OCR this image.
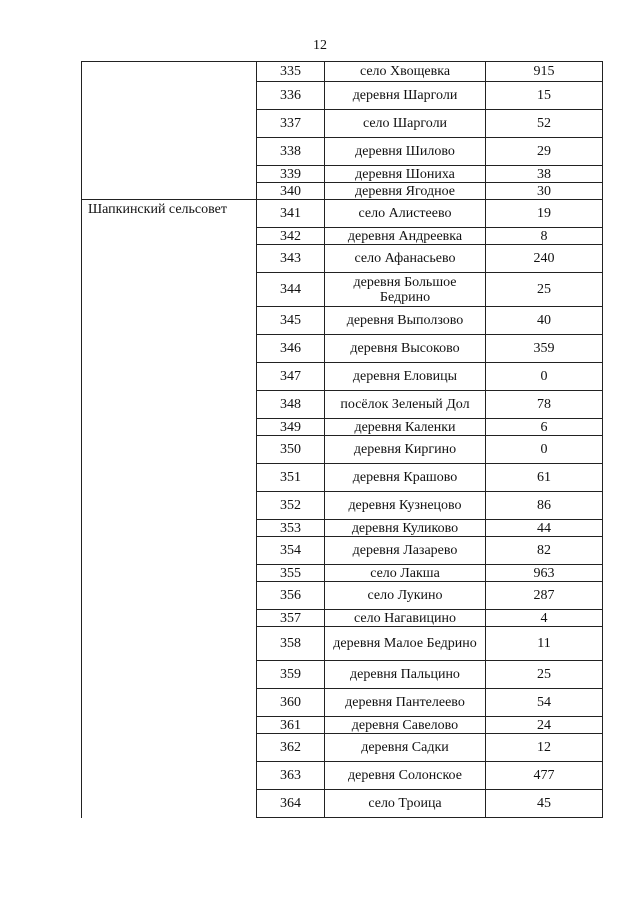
12
	335	село Хвощевка	915
	336	деревня Шарголи	15
	337	село Шарголи	52
	338	деревня Шилово	29
	339	деревня Шониха	38
	340	деревня Ягодное	30
Шапкинский сельсовет	341	село Алистеево	19
	342	деревня Андреевка	8
	343	село Афанасьево	240
	344	деревня Большое Бедрино	25
	345	деревня Выползово	40
	346	деревня Высоково	359
	347	деревня Еловицы	0
	348	посёлок Зеленый Дол	78
	349	деревня Каленки	6
	350	деревня Киргино	0
	351	деревня Крашово	61
	352	деревня Кузнецово	86
	353	деревня Куликово	44
	354	деревня Лазарево	82
	355	село Лакша	963
	356	село Лукино	287
	357	село Нагавицино	4
	358	деревня Малое Бедрино	11
	359	деревня Пальцино	25
	360	деревня Пантелеево	54
	361	деревня Савелово	24
	362	деревня Садки	12
	363	деревня Солонское	477
	364	село Троица	45
